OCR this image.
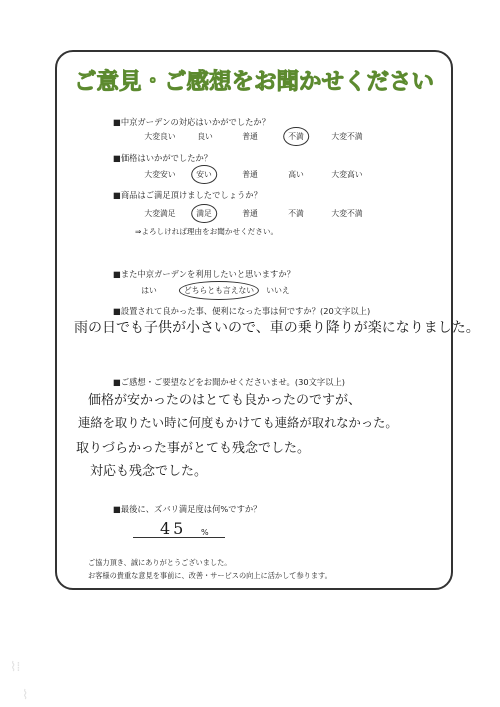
ご意見・ご感想をお聞かせください
■中京ガーデンの対応はいかがでしたか？
大変良い	良い	普通	不満	大変不満
■価格はいかがでしたか？
大変安い	安い	普通	高い	大変高い
■商品はご満足頂けましたでしょうか？
大変満足	満足	普通	不満	大変不満
⇒よろしければ理由をお聞かせください。
■また中京ガーデンを利用したいと思いますか？
はい	どちらとも言えない いいえ
■設置されて良かった事、便利になった事は何ですか？(20文字以上)
雨の日でも子供が小さいので、車の乗り降りが楽になりました。
■ご感想・ご要望などをお聞かせくださいませ。(30文字以上)
価格が安かったのはとても良かったのですが、
連絡を取りたい時に何度もかけても連絡が取れなかった。
取りづらかった事がとても残念でした。
対応も残念でした。
■最後に、ズバリ満足度は何%ですか？
45 %
ご協力頂き、誠にありがとうございました。
お客様の貴重な意見を事前に、改善・サービスの向上に活かして参ります。
⌇⁞
⌇
